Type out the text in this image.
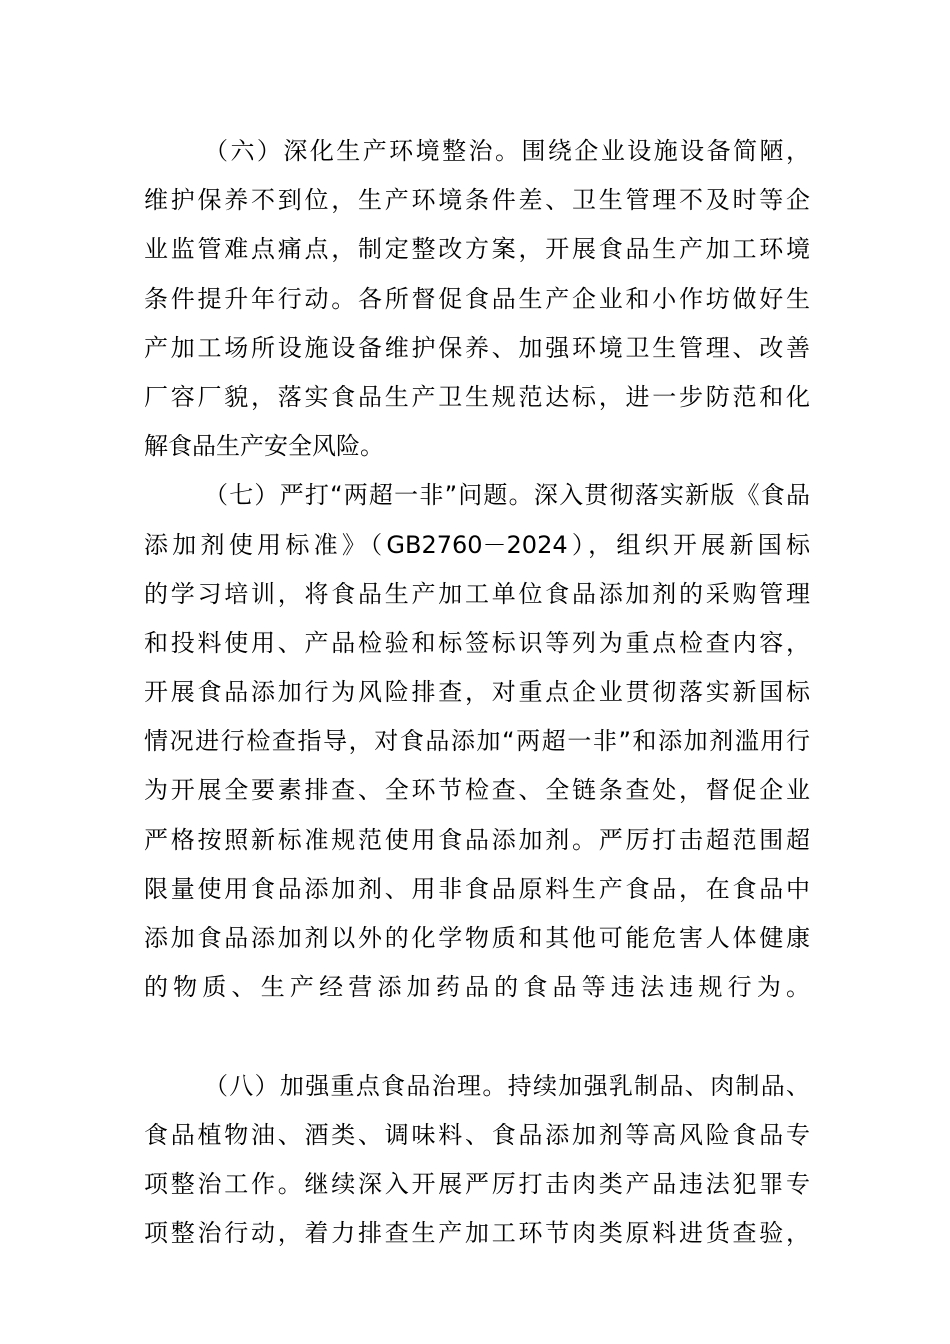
（六）深化生产环境整治。围绕企业设施设备简陋，
维护保养不到位，生产环境条件差、卫生管理不及时等企
业监管难点痛点，制定整改方案，开展食品生产加工环境
条件提升年行动。各所督促食品生产企业和小作坊做好生
产加工场所设施设备维护保养、加强环境卫生管理、改善
厂容厂貌，落实食品生产卫生规范达标，进一步防范和化
解食品生产安全风险。
（七）严打“两超一非”问题。深入贯彻落实新版《食品
添加剂使用标准》（GB2760－2024），组织开展新国标
的学习培训，将食品生产加工单位食品添加剂的采购管理
和投料使用、产品检验和标签标识等列为重点检查内容，
开展食品添加行为风险排查，对重点企业贯彻落实新国标
情况进行检查指导，对食品添加“两超一非”和添加剂滥用行
为开展全要素排查、全环节检查、全链条查处，督促企业
严格按照新标准规范使用食品添加剂。严厉打击超范围超
限量使用食品添加剂、用非食品原料生产食品，在食品中
添加食品添加剂以外的化学物质和其他可能危害人体健康
的物质、生产经营添加药品的食品等违法违规行为。
（八）加强重点食品治理。持续加强乳制品、肉制品、
食品植物油、酒类、调味料、食品添加剂等高风险食品专
项整治工作。继续深入开展严厉打击肉类产品违法犯罪专
项整治行动，着力排查生产加工环节肉类原料进货查验，
